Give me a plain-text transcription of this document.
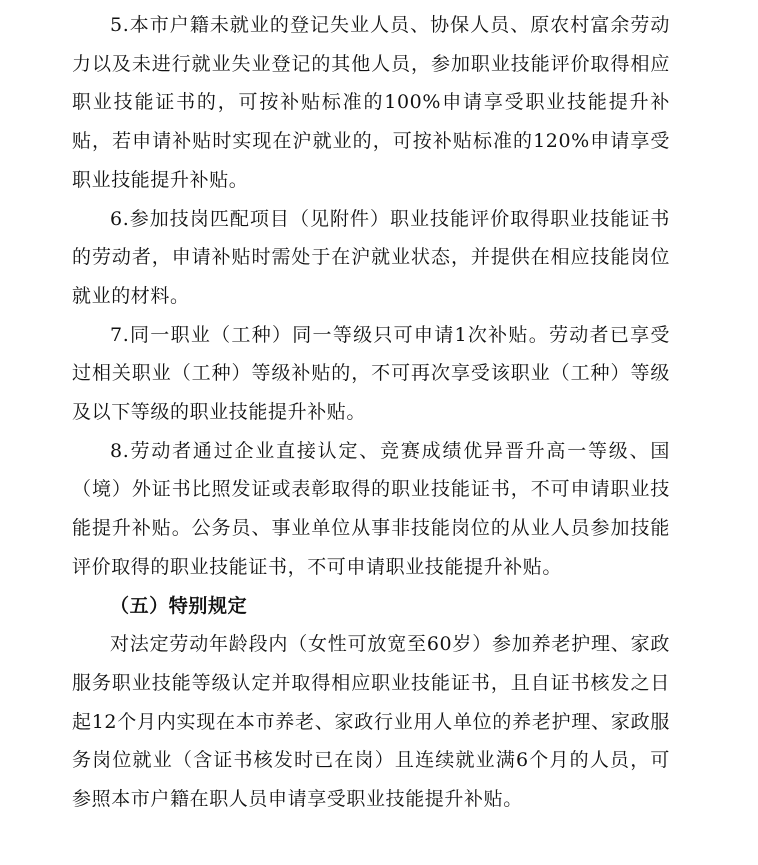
5.本市户籍未就业的登记失业人员、协保人员、原农村富余劳动力以及未进行就业失业登记的其他人员，参加职业技能评价取得相应职业技能证书的，可按补贴标准的100%申请享受职业技能提升补贴，若申请补贴时实现在沪就业的，可按补贴标准的120%申请享受职业技能提升补贴。

6.参加技岗匹配项目（见附件）职业技能评价取得职业技能证书的劳动者，申请补贴时需处于在沪就业状态，并提供在相应技能岗位就业的材料。

7.同一职业（工种）同一等级只可申请1次补贴。劳动者已享受过相关职业（工种）等级补贴的，不可再次享受该职业（工种）等级及以下等级的职业技能提升补贴。

8.劳动者通过企业直接认定、竞赛成绩优异晋升高一等级、国（境）外证书比照发证或表彰取得的职业技能证书，不可申请职业技能提升补贴。公务员、事业单位从事非技能岗位的从业人员参加技能评价取得的职业技能证书，不可申请职业技能提升补贴。

（五）特别规定

对法定劳动年龄段内（女性可放宽至60岁）参加养老护理、家政服务职业技能等级认定并取得相应职业技能证书，且自证书核发之日起12个月内实现在本市养老、家政行业用人单位的养老护理、家政服务岗位就业（含证书核发时已在岗）且连续就业满6个月的人员，可参照本市户籍在职人员申请享受职业技能提升补贴。
